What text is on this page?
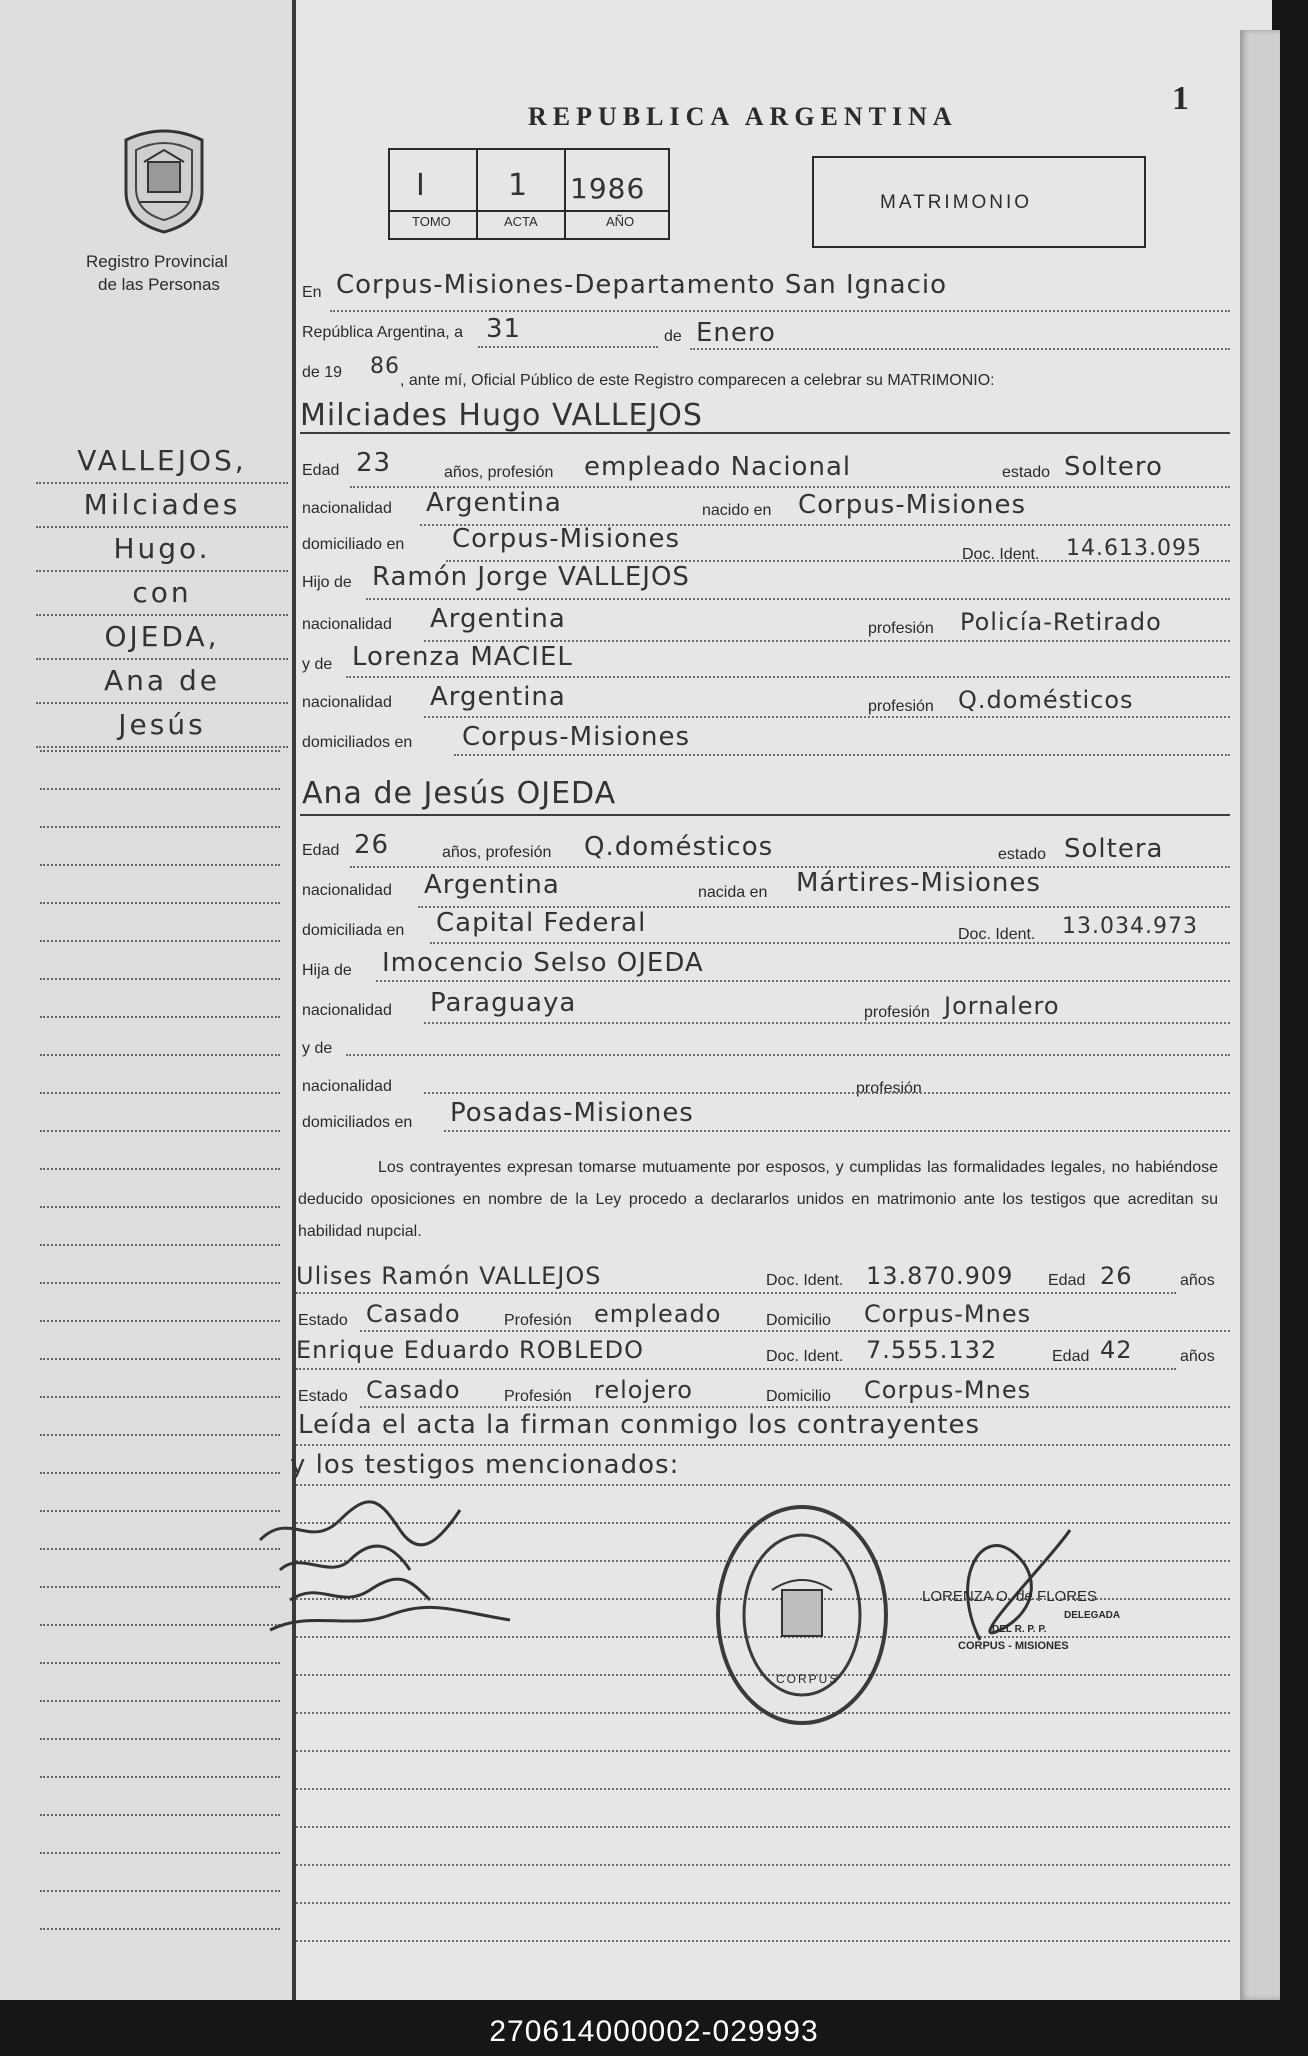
Registro Provincial
de las Personas
REPUBLICA ARGENTINA	1
I	1 1986
TOMO	ACTA	AÑO
MATRIMONIO
VALLEJOS,
Milciades
Hugo.
con
OJEDA,
Ana de
Jesús
En Corpus-Misiones-Departamento San Ignacio
República Argentina, a 31	de Enero
de 19 86
, ante mí, Oficial Público de este Registro comparecen a celebrar su MATRIMONIO:
Milciades Hugo VALLEJOS
Edad 23	años, profesión empleado Nacional	estado Soltero
nacionalidad Argentina	nacido en Corpus-Misiones
domiciliado en Corpus-Misiones
Doc. Ident. 14.613.095
Hijo de Ramón Jorge VALLEJOS
nacionalidad Argentina	profesión Policía-Retirado
y de Lorenza MACIEL
nacionalidad Argentina	profesión Q.domésticos
domiciliados en Corpus-Misiones
Ana de Jesús OJEDA
Edad 26	años, profesión Q.domésticos	estado Soltera
nacionalidad Argentina	nacida en Mártires-Misiones
domiciliada en Capital Federal	Doc. Ident. 13.034.973
Hija de Imocencio Selso OJEDA
nacionalidad Paraguaya	profesión Jornalero
y de
nacionalidad	profesión
domiciliados en Posadas-Misiones
Los contrayentes expresan tomarse mutuamente por esposos, y cumplidas las formalidades legales, no habiéndose deducido oposiciones en nombre de la Ley procedo a declararlos unidos en matrimonio ante los testigos que acreditan su habilidad nupcial.
Ulises Ramón VALLEJOS	Doc. Ident. 13.870.909 Edad 26	años
Estado Casado	Profesión empleado	Domicilio Corpus-Mnes
Enrique Eduardo ROBLEDO	Doc. Ident. 7.555.132	Edad 42	años
Estado Casado	Profesión relojero	Domicilio Corpus-Mnes
Leída el acta la firman conmigo los contrayentes
y los testigos mencionados:
CORPUS
LORENZA O. de FLORES
DELEGADA
DEL R. P. P.
CORPUS - MISIONES
270614000002-029993
